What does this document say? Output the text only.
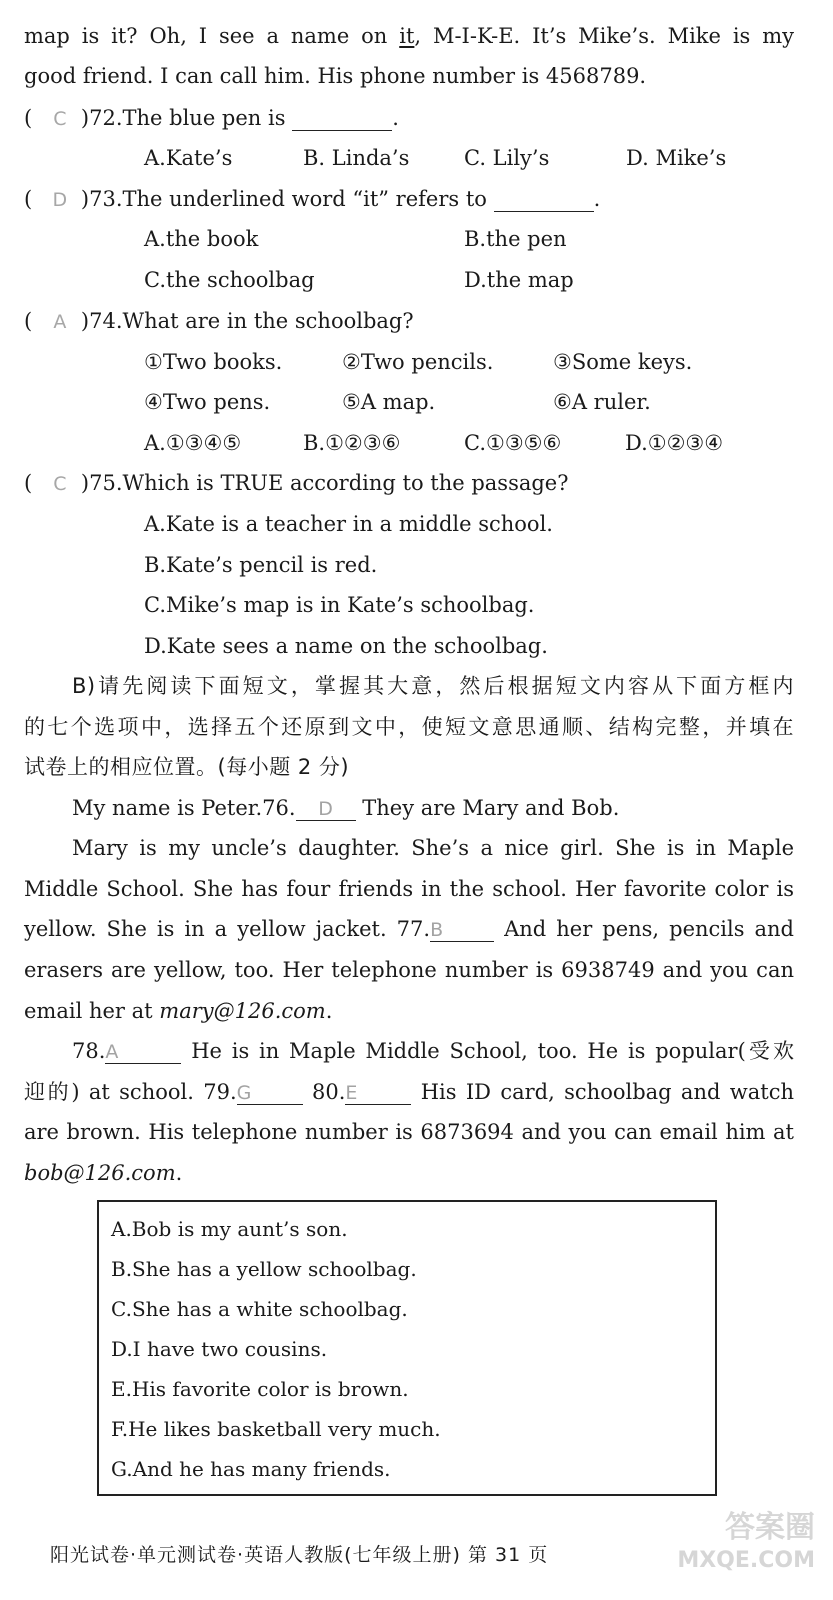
map is it? Oh, I see a name on it, M-I-K-E. It’s Mike’s. Mike is my
good friend. I can call him. His phone number is 4568789.
( C )72.The blue pen is	.
A.Kate’s	B. Linda’s	C. Lily’s	D. Mike’s
( D )73.The underlined word “it” refers to	.
A.the book	B.the pen
C.the schoolbag	D.the map
( A )74.What are in the schoolbag?
①Two books.	②Two pencils.	③Some keys.
④Two pens.	⑤A map.	⑥A ruler.
A.①③④⑤	B.①②③⑥	C.①③⑤⑥	D.①②③④
( C )75.Which is TRUE according to the passage?
A.Kate is a teacher in a middle school.
B.Kate’s pencil is red.
C.Mike’s map is in Kate’s schoolbag.
D.Kate sees a name on the schoolbag.
B)请先阅读下面短文，掌握其大意，然后根据短文内容从下面方框内
的七个选项中，选择五个还原到文中，使短文意思通顺、结构完整，并填在
试卷上的相应位置。(每小题 2 分)
My name is Peter.76. D They are Mary and Bob.
Mary is my uncle’s daughter. She’s a nice girl. She is in Maple
Middle School. She has four friends in the school. Her favorite color is
yellow. She is in a yellow jacket. 77.B	And her pens, pencils and
erasers are yellow, too. Her telephone number is 6938749 and you can
email her at mary@126.com.
78.A	He is in Maple Middle School, too. He is popular(受欢
迎的) at school. 79.G	80.E	His ID card, schoolbag and watch
are brown. His telephone number is 6873694 and you can email him at
bob@126.com.
A.Bob is my aunt’s son.
B.She has a yellow schoolbag.
C.She has a white schoolbag.
D.I have two cousins.
E.His favorite color is brown.
F.He likes basketball very much.
G.And he has many friends.
答案圈
MXQE.COM
阳光试卷·单元测试卷·英语人教版(七年级上册) 第 31 页
